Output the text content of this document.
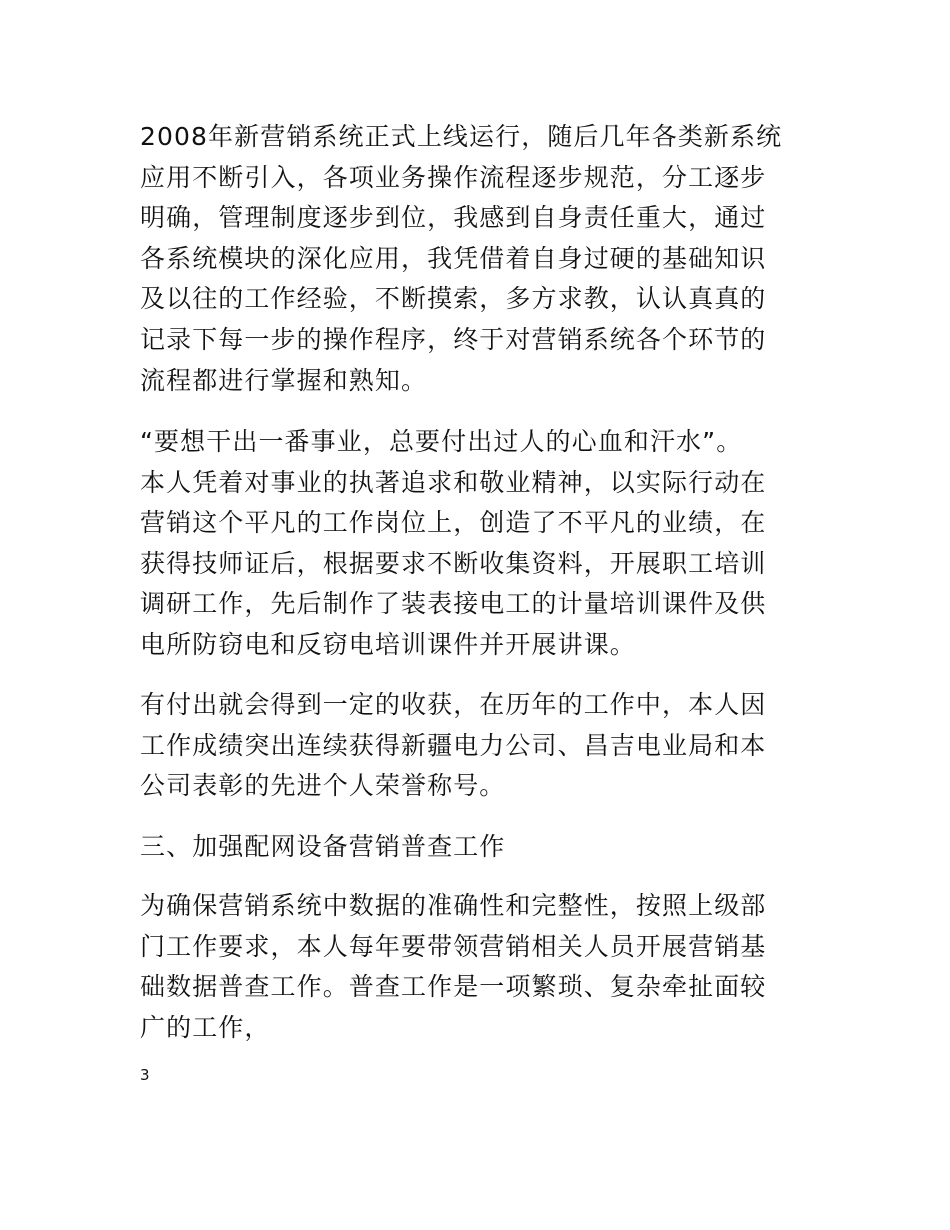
2008年新营销系统正式上线运行，随后几年各类新系统
应用不断引入，各项业务操作流程逐步规范，分工逐步
明确，管理制度逐步到位，我感到自身责任重大，通过
各系统模块的深化应用，我凭借着自身过硬的基础知识
及以往的工作经验，不断摸索，多方求教，认认真真的
记录下每一步的操作程序，终于对营销系统各个环节的
流程都进行掌握和熟知。

“要想干出一番事业，总要付出过人的心血和汗水”。
本人凭着对事业的执著追求和敬业精神，以实际行动在
营销这个平凡的工作岗位上，创造了不平凡的业绩，在
获得技师证后，根据要求不断收集资料，开展职工培训
调研工作，先后制作了装表接电工的计量培训课件及供
电所防窃电和反窃电培训课件并开展讲课。

有付出就会得到一定的收获，在历年的工作中，本人因
工作成绩突出连续获得新疆电力公司、昌吉电业局和本
公司表彰的先进个人荣誉称号。

三、加强配网设备营销普查工作

为确保营销系统中数据的准确性和完整性，按照上级部
门工作要求，本人每年要带领营销相关人员开展营销基
础数据普查工作。普查工作是一项繁琐、复杂牵扯面较
广的工作，

3
